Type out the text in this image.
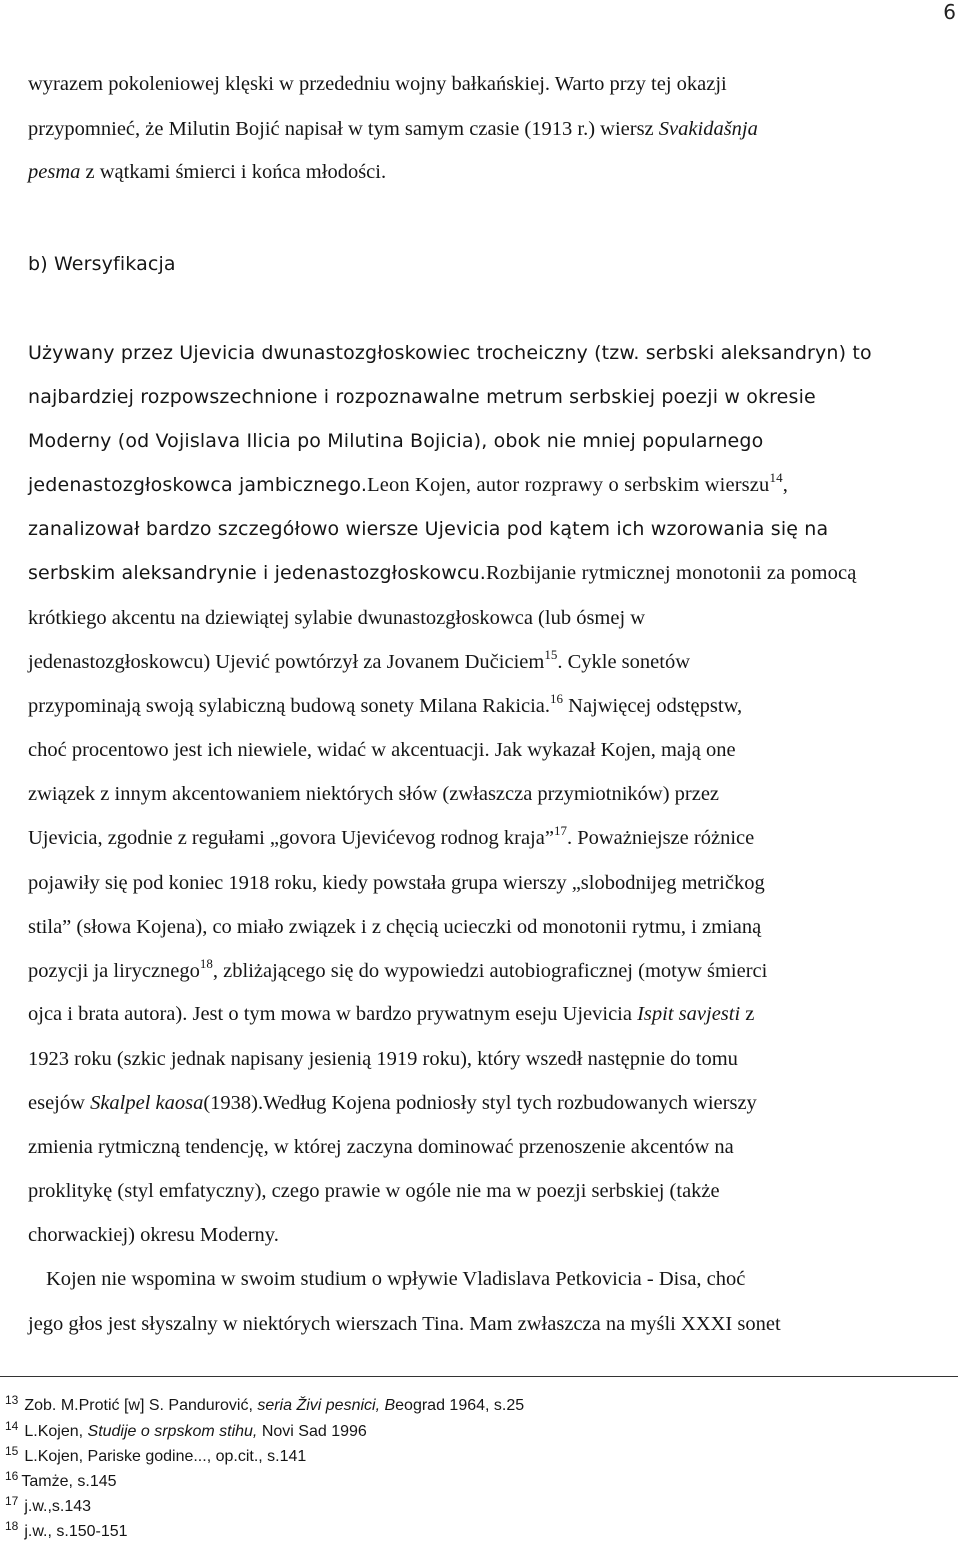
6
wyrazem pokoleniowej klęski w przededniu wojny bałkańskiej. Warto przy tej okazji
przypomnieć, że Milutin Bojić napisał w tym samym czasie (1913 r.) wiersz Svakidašnja
pesma z wątkami śmierci i końca młodości.
b) Wersyfikacja
Używany przez Ujevicia dwunastozgłoskowiec trocheiczny (tzw. serbski aleksandryn) to
najbardziej rozpowszechnione i rozpoznawalne metrum serbskiej poezji w okresie
Moderny (od Vojislava Ilicia po Milutina Bojicia), obok nie mniej popularnego
jedenastozgłoskowca jambicznego.Leon Kojen, autor rozprawy o serbskim wierszu$^{14}$,
zanalizował bardzo szczegółowo wiersze Ujevicia pod kątem ich wzorowania się na
serbskim aleksandrynie i jedenastozgłoskowcu.Rozbijanie rytmicznej monotonii za pomocą
krótkiego akcentu na dziewiątej sylabie dwunastozgłoskowca (lub ósmej w
jedenastozgłoskowcu) Ujević powtórzył za Jovanem Dučiciem$^{15}$. Cykle sonetów
przypominają swoją sylabiczną budową sonety Milana Rakicia.$^{16}$ Najwięcej odstępstw,
choć procentowo jest ich niewiele, widać w akcentuacji. Jak wykazał Kojen, mają one
związek z innym akcentowaniem niektórych słów (zwłaszcza przymiotników) przez
Ujevicia, zgodnie z regułami „govora Ujevićevog rodnog kraja”$^{17}$. Poważniejsze różnice
pojawiły się pod koniec 1918 roku, kiedy powstała grupa wierszy „slobodnijeg metričkog
stila” (słowa Kojena), co miało związek i z chęcią ucieczki od monotonii rytmu, i zmianą
pozycji ja lirycznego$^{18}$, zbliżającego się do wypowiedzi autobiograficznej (motyw śmierci
ojca i brata autora). Jest o tym mowa w bardzo prywatnym eseju Ujevicia Ispit savjesti z
1923 roku (szkic jednak napisany jesienią 1919 roku), który wszedł następnie do tomu
esejów Skalpel kaosa(1938).Według Kojena podniosły styl tych rozbudowanych wierszy
zmienia rytmiczną tendencję, w której zaczyna dominować przenoszenie akcentów na
proklitykę (styl emfatyczny), czego prawie w ogóle nie ma w poezji serbskiej (także
chorwackiej) okresu Moderny.
Kojen nie wspomina w swoim studium o wpływie Vladislava Petkovicia - Disa, choć
jego głos jest słyszalny w niektórych wierszach Tina. Mam zwłaszcza na myśli XXXI sonet
$^{13}$ Zob. M.Protić [w] S. Pandurović, seria Živi pesnici, Beograd 1964, s.25
$^{14}$ L.Kojen, Studije o srpskom stihu, Novi Sad 1996
$^{15}$ L.Kojen, Pariske godine..., op.cit., s.141
$^{16}$ Tamże, s.145
$^{17}$ j.w.,s.143
$^{18}$ j.w., s.150-151
